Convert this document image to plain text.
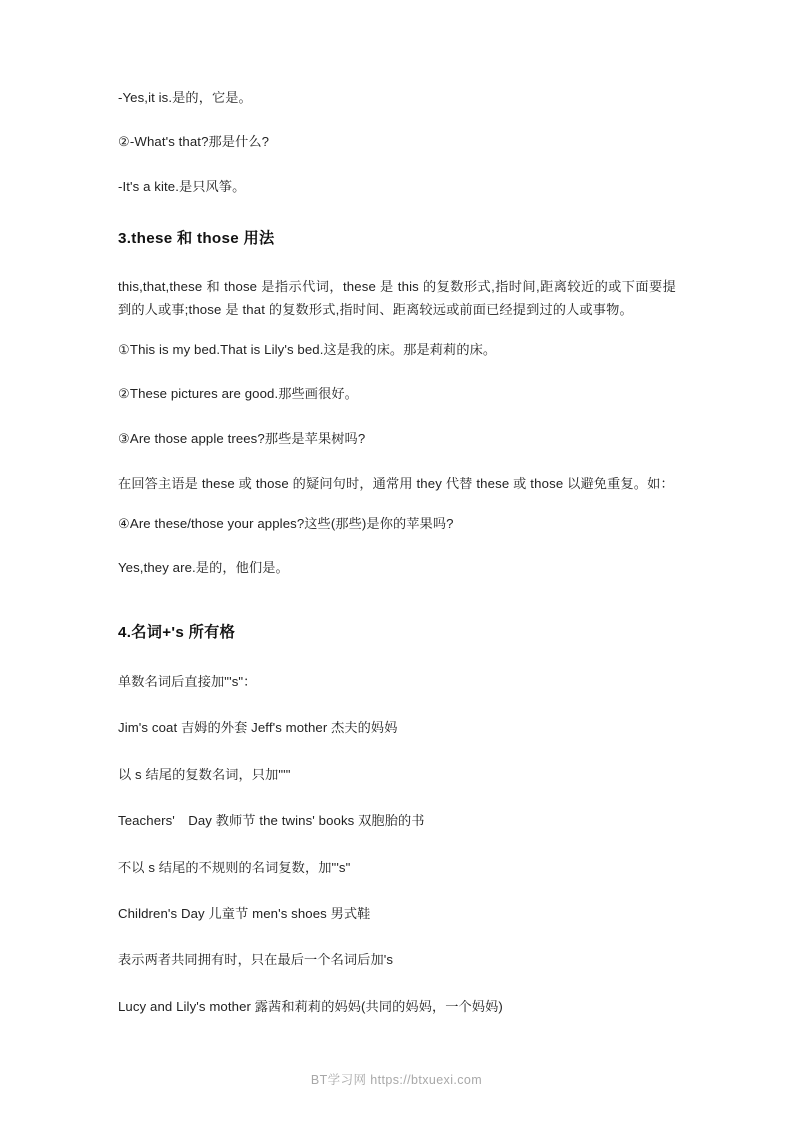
-Yes,it is.是的，它是。

②-What's that?那是什么?

-It's a kite.是只风筝。

3.these 和 those 用法

this,that,these 和 those 是指示代词，these 是 this 的复数形式,指时间,距离较近的或下面要提到的人或事;those 是 that 的复数形式,指时间、距离较远或前面已经提到过的人或事物。

①This is my bed.That is Lily's bed.这是我的床。那是莉莉的床。

②These pictures are good.那些画很好。

③Are those apple trees?那些是苹果树吗?

在回答主语是 these 或 those 的疑问句时，通常用 they 代替 these 或 those 以避免重复。如：

④Are these/those your apples?这些(那些)是你的苹果吗?

Yes,they are.是的，他们是。

4.名词+'s 所有格

单数名词后直接加"'s"：

Jim's coat 吉姆的外套 Jeff's mother 杰夫的妈妈

以 s 结尾的复数名词，只加"'"

Teachers'　Day 教师节 the twins' books 双胞胎的书

不以 s 结尾的不规则的名词复数，加"'s"

Children's Day 儿童节 men's shoes 男式鞋

表示两者共同拥有时，只在最后一个名词后加's

Lucy and Lily's mother 露茜和莉莉的妈妈(共同的妈妈，一个妈妈)

BT学习网 https://btxuexi.com
